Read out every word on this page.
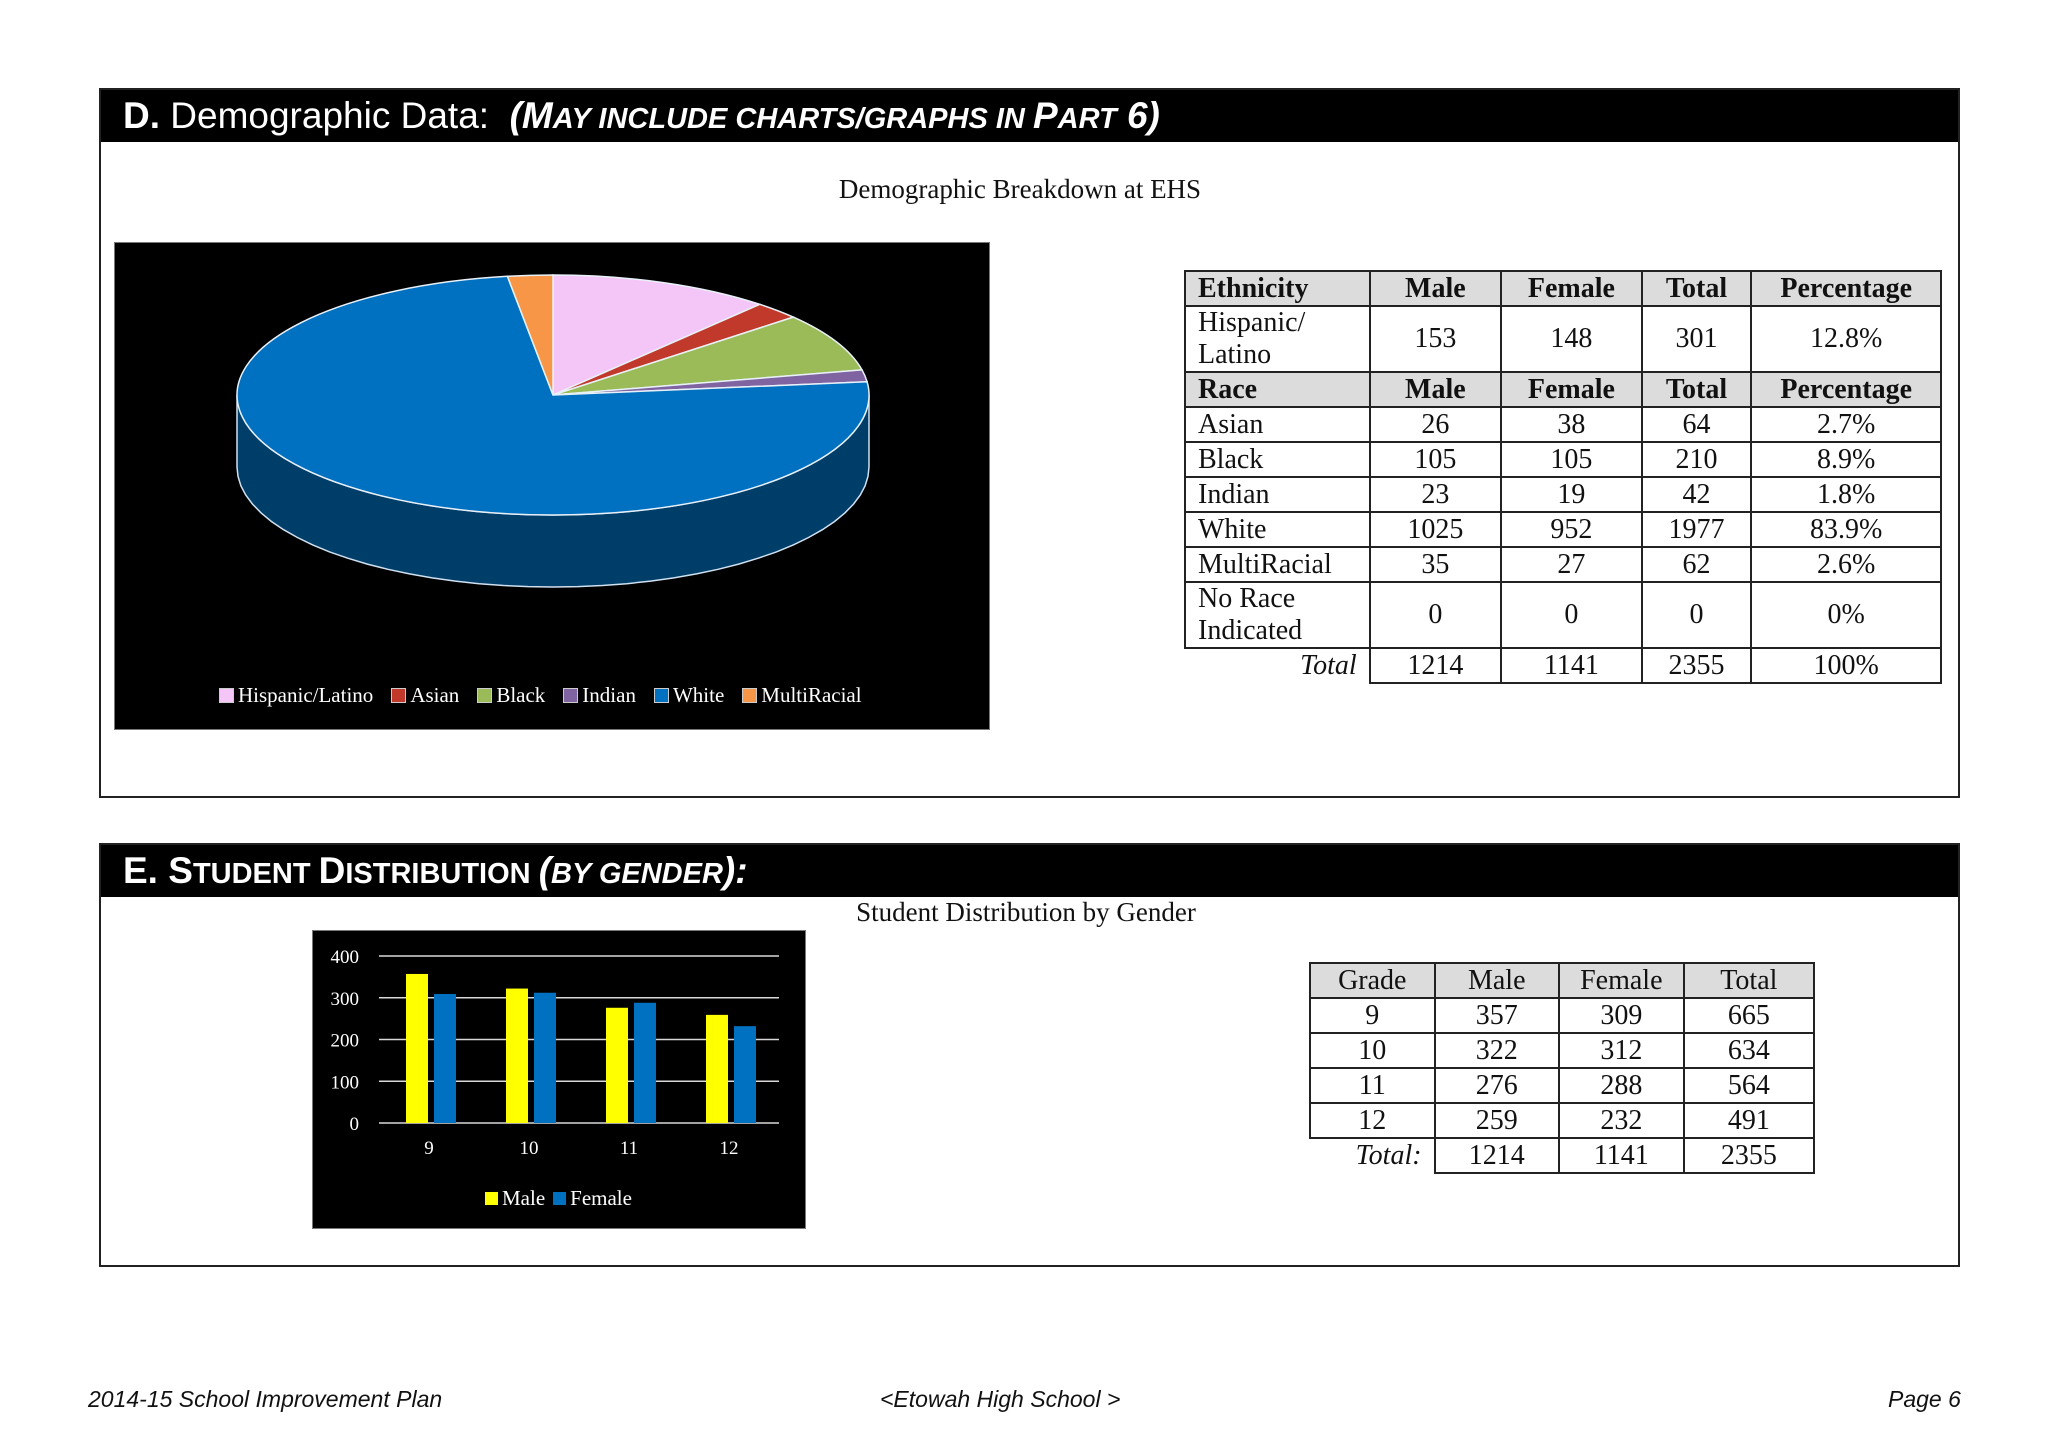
D. Demographic Data: (MAY INCLUDE CHARTS/GRAPHS IN PART 6)
Demographic Breakdown at EHS
Hispanic/Latino Asian Black Indian White MultiRacial
Ethnicity	Male	Female	Total	Percentage
Hispanic/
Latino	153	148	301	12.8%
Race	Male	Female	Total	Percentage
Asian	26	38	64	2.7%
Black	105	105	210	8.9%
Indian	23	19	42	1.8%
White	1025	952	1977	83.9%
MultiRacial	35	27	62	2.6%
No Race
Indicated	0	0	0	0%
Total	1214	1141	2355	100%
E. STUDENT DISTRIBUTION (BY GENDER):
Student Distribution by Gender
400
300
200
100
0
9	10	11	12
Male Female
Grade	Male	Female	Total
9	357	309	665
10	322	312	634
11	276	288	564
12	259	232	491
Total:	1214	1141	2355
2014-15 School Improvement Plan	<Etowah High School >	Page 6
